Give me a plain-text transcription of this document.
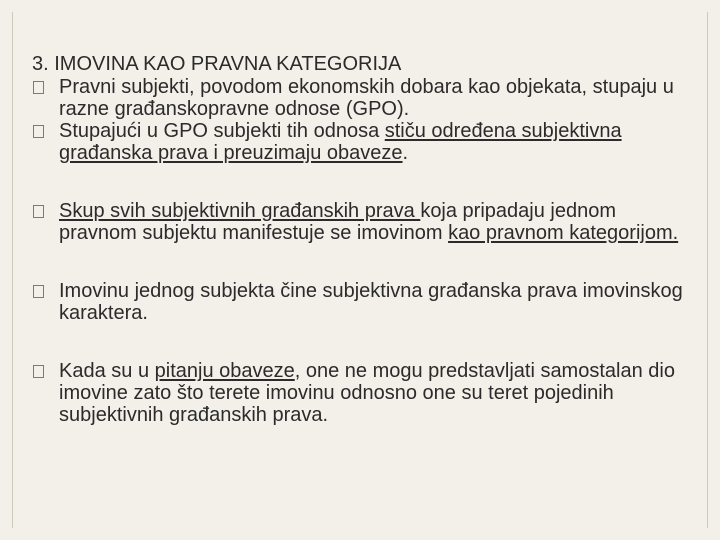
3. IMOVINA KAO PRAVNA KATEGORIJA

Pravni subjekti, povodom ekonomskih dobara kao objekata, stupaju u razne građanskopravne odnose (GPO).
Stupajući u GPO subjekti tih odnosa stiču određena subjektivna građanska prava i preuzimaju obaveze.
Skup svih subjektivnih građanskih prava koja pripadaju jednom pravnom subjektu manifestuje se imovinom kao pravnom kategorijom.
Imovinu jednog subjekta čine subjektivna građanska prava imovinskog karaktera.
Kada su u pitanju obaveze, one ne mogu predstavljati samostalan dio imovine zato što terete imovinu odnosno one su teret pojedinih subjektivnih građanskih prava.
